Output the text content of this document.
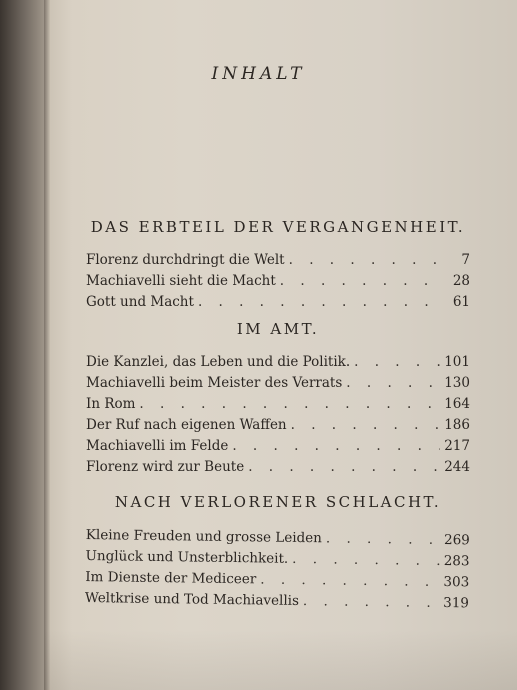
INHALT
DAS ERBTEIL DER VERGANGENHEIT.
Florenz durchdringt die Welt . . .	7
Machiavelli sieht die Macht . . .	28
Gott und Macht . . .	61
IM AMT.
Die Kanzlei, das Leben und die Politik. . . .	101
Machiavelli beim Meister des Verrats . . .	130
In Rom . . .	164
Der Ruf nach eigenen Waffen . . .	186
Machiavelli im Felde . . .	217
Florenz wird zur Beute . . .	244
NACH VERLORENER SCHLACHT.
Kleine Freuden und grosse Leiden . . .	269
Unglück und Unsterblichkeit. . . .	283
Im Dienste der Mediceer . . .	303
Weltkrise und Tod Machiavellis . . .	319
